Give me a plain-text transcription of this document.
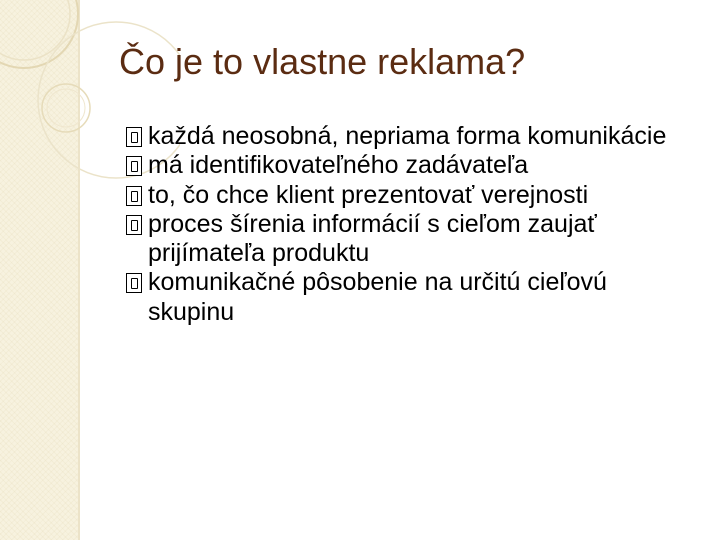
Čo je to vlastne reklama?
každá neosobná, nepriama forma komunikácie
má identifikovateľného zadávateľa
to, čo chce klient prezentovať verejnosti
proces šírenia informácií s cieľom zaujať prijímateľa produktu
komunikačné pôsobenie na určitú cieľovú skupinu
